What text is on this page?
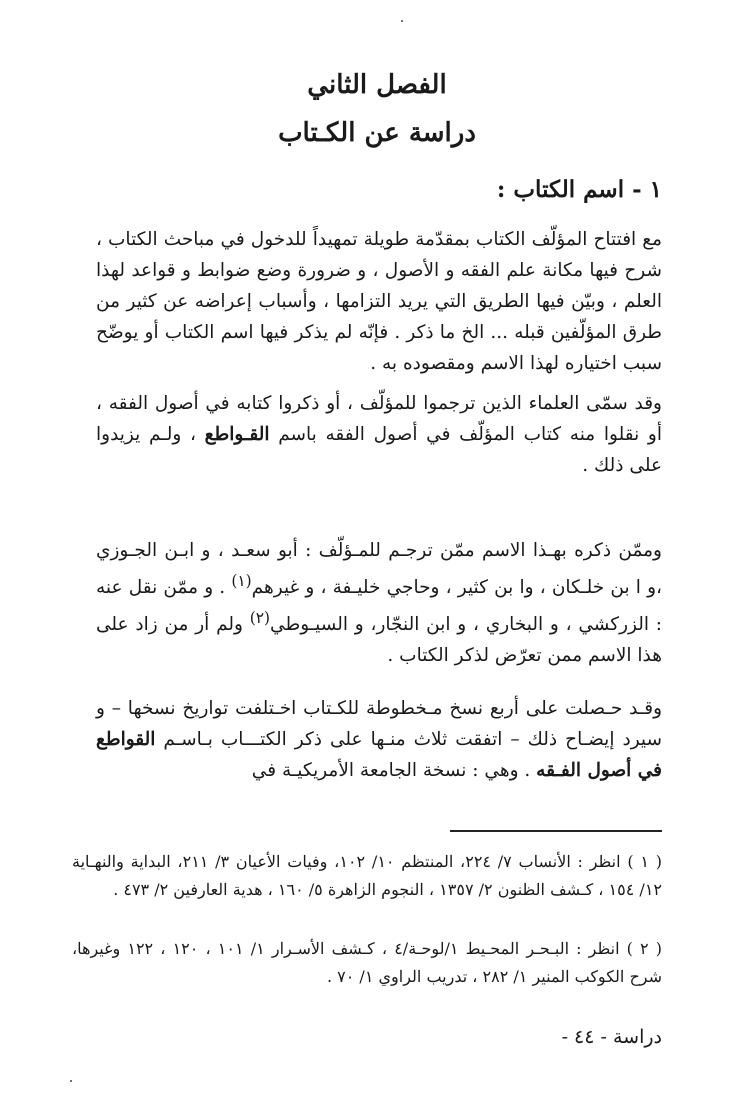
الفصل الثاني
دراسة عن الكـتاب
١ - اسم الكتاب :

مع افتتاح المؤلّف الكتاب بمقدّمة طويلة تمهيداً للدخول في مباحث الكتاب ، شرح فيها مكانة علم الفقه و الأصول ، و ضرورة وضع ضوابط و قواعد لهذا العلم ، وبيّن فيها الطريق التي يريد التزامها ، وأسباب إعراضه عن كثير من طرق المؤلّفين قبله ... الخ ما ذكر . فإنّه لم يذكر فيها اسم الكتاب أو يوضّح سبب اختياره لهذا الاسم ومقصوده به .

وقد سمّى العلماء الذين ترجموا للمؤلّف ، أو ذكروا كتابه في أصول الفقه ، أو نقلوا منه كتاب المؤلّف في أصول الفقه باسم القـواطع ، ولـم يزيدوا على ذلك .

وممّن ذكره بهـذا الاسم ممّن ترجـم للمـؤلّف : أبو سعـد ، و ابـن الجـوزي ،و ا بن خلـكان ، وا بن كثير ، وحاجي خليـفة ، و غيرهم$^{(١)}$ . و ممّن نقل عنه : الزركشي ، و البخاري ، و ابن النجّار، و السيـوطي$^{(٢)}$ ولم أر من زاد على هذا الاسم ممن تعرّض لذكر الكتاب .

وقـد حـصلت على أربع نسخ مـخطوطة للكـتاب اخـتلفت تواريخ نسخها – و سيرد إيضـاح ذلك – اتفقت ثلاث منـها على ذكر الكتـــاب بـاسـم القواطع في أصول الفـقه . وهي : نسخة الجامعة الأمريكيـة في

( ١ ) انظر : الأنساب ٧/ ٢٢٤، المنتظم ١٠/ ١٠٢، وفيات الأعيان ٣/ ٢١١، البداية والنهـاية ١٢/ ١٥٤ ، كـشف الظنون ٢/ ١٣٥٧ ، النجوم الزاهرة ٥/ ١٦٠ ، هدية العارفين ٢/ ٤٧٣ .
( ٢ ) انظر : البـحـر المحـيط ١/لوحـة/٤ ، كـشف الأسـرار ١/ ١٠١ ، ١٢٠ ، ١٢٢ وغيرها، شرح الكوكب المنير ١/ ٢٨٢ ، تدريب الراوي ١/ ٧٠ .
دراسة - ٤٤ -
